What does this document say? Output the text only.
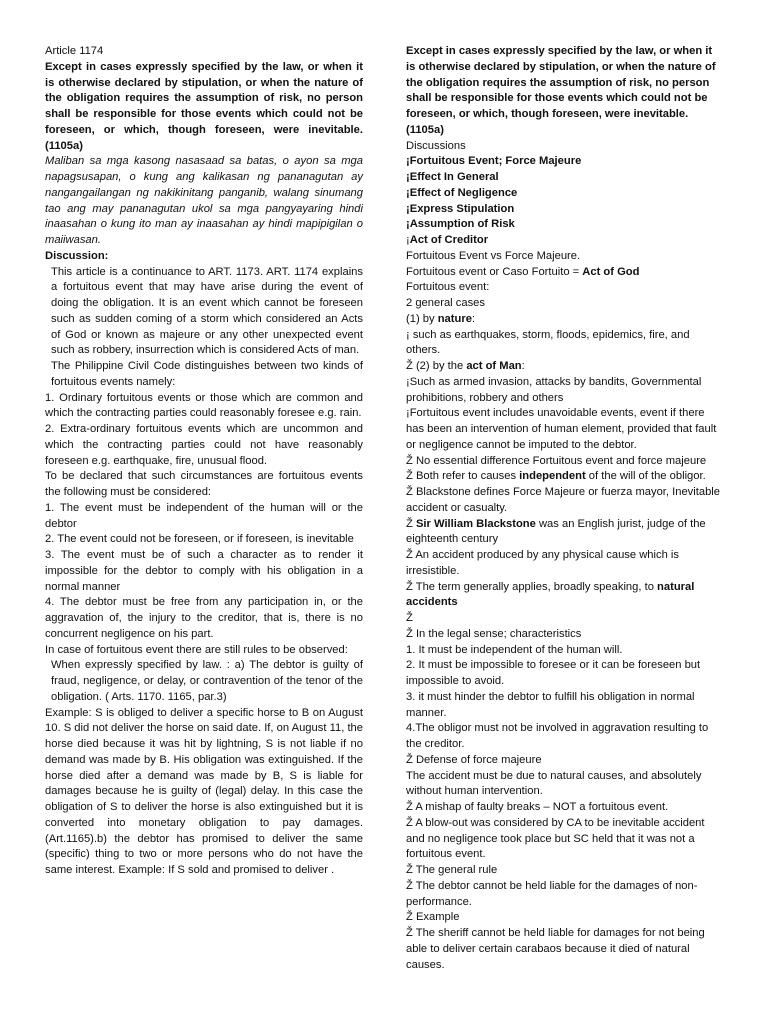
Article 1174

Except in cases expressly specified by the law, or when it is otherwise declared by stipulation, or when the nature of the obligation requires the assumption of risk, no person shall be responsible for those events which could not be foreseen, or which, though foreseen, were inevitable. (1105a)

Maliban sa mga kasong nasasaad sa batas, o ayon sa mga napagsusapan, o kung ang kalikasan ng pananagutan ay nangangailangan ng nakikinitang panganib, walang sinumang tao ang may pananagutan ukol sa mga pangyayaring hindi inaasahan o kung ito man ay inaasahan ay hindi mapipigilan o maiiwasan.

Discussion:

This article is a continuance to ART. 1173. ART. 1174 explains a fortuitous event that may have arise during the event of doing the obligation. It is an event which cannot be foreseen such as sudden coming of a storm which considered an Acts of God or known as majeure or any other unexpected event such as robbery, insurrection which is considered Acts of man.

The Philippine Civil Code distinguishes between two kinds of fortuitous events namely:

1. Ordinary fortuitous events or those which are common and which the contracting parties could reasonably foresee e.g. rain.

2. Extra-ordinary fortuitous events which are uncommon and which the contracting parties could not have reasonably foreseen e.g. earthquake, fire, unusual flood.

To be declared that such circumstances are fortuitous events the following must be considered:

1. The event must be independent of the human will or the debtor

2. The event could not be foreseen, or if foreseen, is inevitable

3. The event must be of such a character as to render it impossible for the debtor to comply with his obligation in a normal manner

4. The debtor must be free from any participation in, or the aggravation of, the injury to the creditor, that is, there is no concurrent negligence on his part.

In case of fortuitous event there are still rules to be observed:

When expressly specified by law. : a) The debtor is guilty of fraud, negligence, or delay, or contravention of the tenor of the obligation. ( Arts. 1170. 1165, par.3)

Example: S is obliged to deliver a specific horse to B on August 10. S did not deliver the horse on said date. If, on August 11, the horse died because it was hit by lightning, S is not liable if no demand was made by B. His obligation was extinguished. If the horse died after a demand was made by B, S is liable for damages because he is guilty of (legal) delay. In this case the obligation of S to deliver the horse is also extinguished but it is converted into monetary obligation to pay damages. (Art.1165).b) the debtor has promised to deliver the same (specific) thing to two or more persons who do not have the same interest. Example: If S sold and promised to deliver .

Except in cases expressly specified by the law, or when it is otherwise declared by stipulation, or when the nature of the obligation requires the assumption of risk, no person shall be responsible for those events which could not be foreseen, or which, though foreseen, were inevitable.
(1105a)

Discussions

¡Fortuitous Event; Force Majeure

¡Effect In General

¡Effect of Negligence

¡Express Stipulation

¡Assumption of Risk

¡Act of Creditor

Fortuitous Event vs Force Majeure.

Fortuitous event or Caso Fortuito = Act of God

Fortuitous event:

2 general cases

(1) by nature:

¡ such as earthquakes, storm, floods, epidemics, fire, and others.

Ž (2) by the act of Man:

¡Such as armed invasion, attacks by bandits, Governmental prohibitions, robbery and others

¡Fortuitous event includes unavoidable events, event if there has been an intervention of human element, provided that fault or negligence cannot be imputed to the debtor.

Ž No essential difference Fortuitous event and force majeure

Ž Both refer to causes independent of the will of the obligor.

Ž Blackstone defines Force Majeure or fuerza mayor, Inevitable accident or casualty.

Ž Sir William Blackstone was an English jurist, judge of the eighteenth century

Ž An accident produced by any physical cause which is irresistible.

Ž The term generally applies, broadly speaking, to natural accidents

Ž

Ž In the legal sense; characteristics

1. It must be independent of the human will.

2. It must be impossible to foresee or it can be foreseen but impossible to avoid.

3. it must hinder the debtor to fulfill his obligation in normal manner.

4.The obligor must not be involved in aggravation resulting to the creditor.

Ž Defense of force majeure

The accident must be due to natural causes, and absolutely without human intervention.

Ž A mishap of faulty breaks – NOT a fortuitous event.

Ž A blow-out was considered by CA to be inevitable accident and no negligence took place but SC held that it was not a fortuitous event.

Ž The general rule

Ž The debtor cannot be held liable for the damages of non-performance.

Ž Example

Ž The sheriff cannot be held liable for damages for not being able to deliver certain carabaos because it died of natural causes.
